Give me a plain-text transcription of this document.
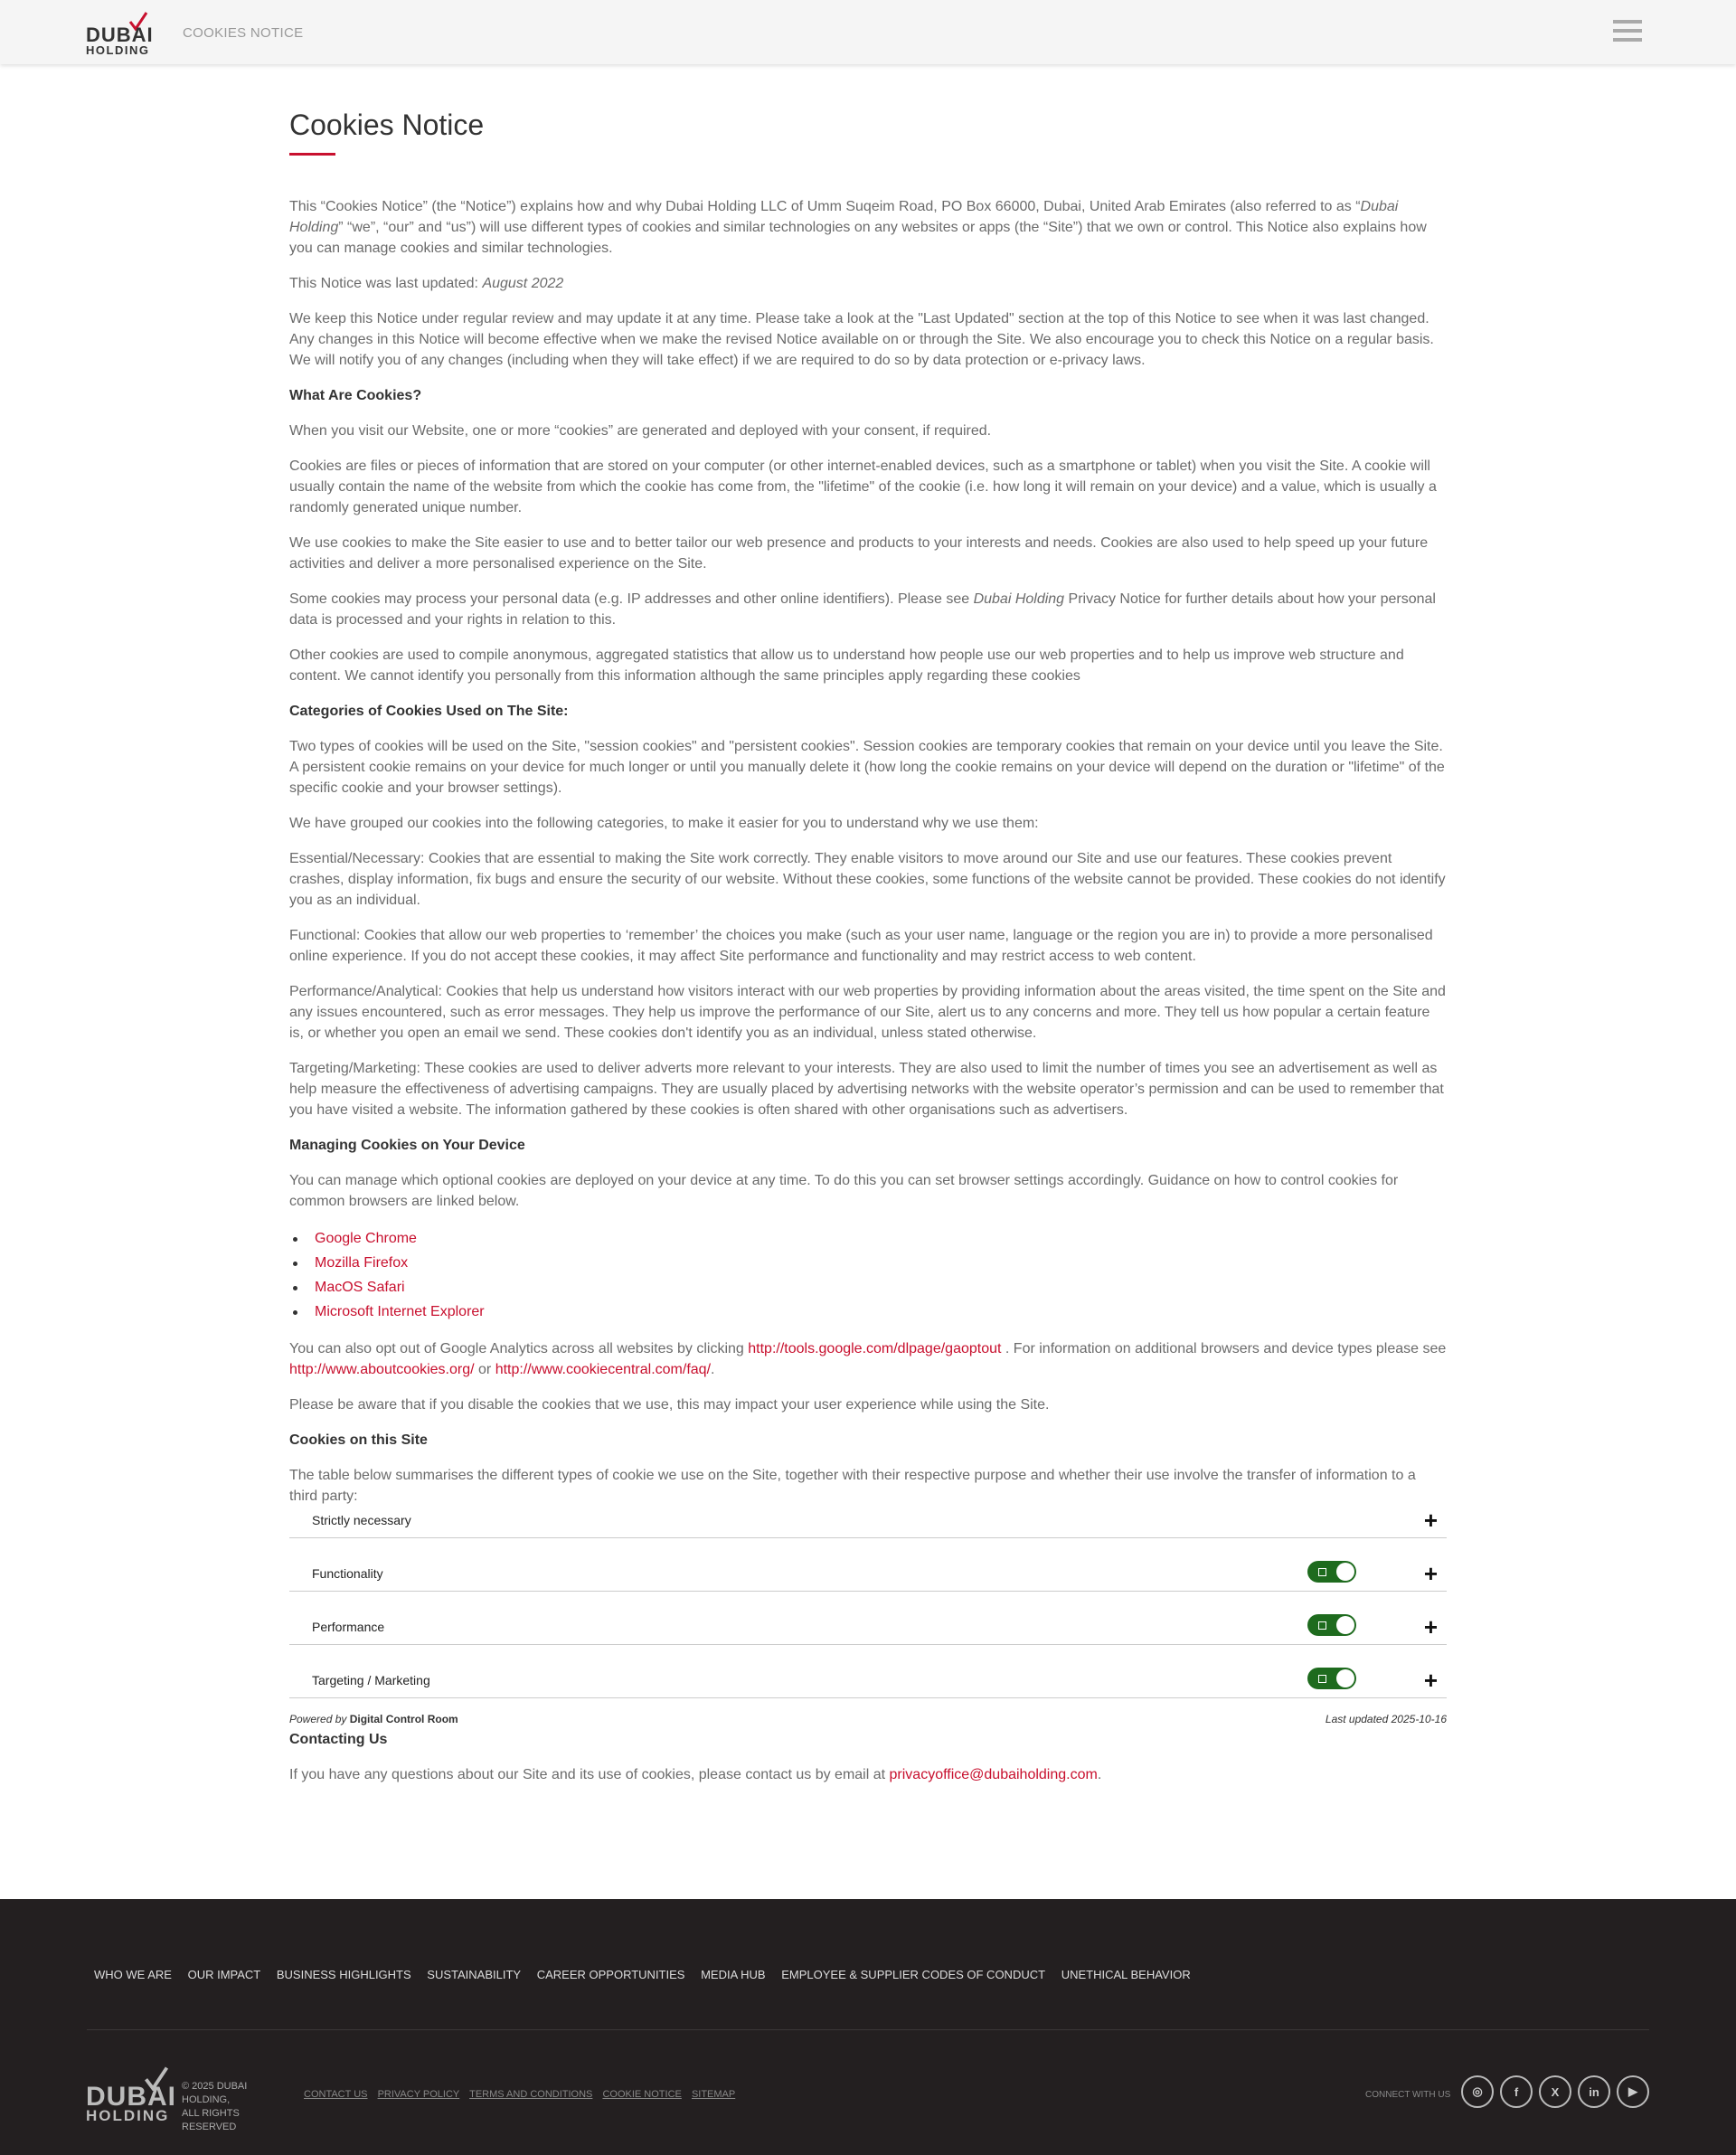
DUBAI
HOLDING
COOKIES NOTICE
Cookies Notice

This “Cookies Notice” (the “Notice”) explains how and why Dubai Holding LLC of Umm Suqeim Road, PO Box 66000, Dubai, United Arab Emirates (also referred to as “Dubai Holding” “we”, “our” and “us”) will use different types of cookies and similar technologies on any websites or apps (the “Site”) that we own or control. This Notice also explains how you can manage cookies and similar technologies.

This Notice was last updated: August 2022

We keep this Notice under regular review and may update it at any time. Please take a look at the "Last Updated" section at the top of this Notice to see when it was last changed. Any changes in this Notice will become effective when we make the revised Notice available on or through the Site. We also encourage you to check this Notice on a regular basis. We will notify you of any changes (including when they will take effect) if we are required to do so by data protection or e-privacy laws.

What Are Cookies?

When you visit our Website, one or more “cookies” are generated and deployed with your consent, if required.

Cookies are files or pieces of information that are stored on your computer (or other internet-enabled devices, such as a smartphone or tablet) when you visit the Site. A cookie will usually contain the name of the website from which the cookie has come from, the "lifetime" of the cookie (i.e. how long it will remain on your device) and a value, which is usually a randomly generated unique number.

We use cookies to make the Site easier to use and to better tailor our web presence and products to your interests and needs. Cookies are also used to help speed up your future activities and deliver a more personalised experience on the Site.

Some cookies may process your personal data (e.g. IP addresses and other online identifiers). Please see Dubai Holding Privacy Notice for further details about how your personal data is processed and your rights in relation to this.

Other cookies are used to compile anonymous, aggregated statistics that allow us to understand how people use our web properties and to help us improve web structure and content. We cannot identify you personally from this information although the same principles apply regarding these cookies

Categories of Cookies Used on The Site:

Two types of cookies will be used on the Site, "session cookies" and "persistent cookies". Session cookies are temporary cookies that remain on your device until you leave the Site. A persistent cookie remains on your device for much longer or until you manually delete it (how long the cookie remains on your device will depend on the duration or "lifetime" of the specific cookie and your browser settings).

We have grouped our cookies into the following categories, to make it easier for you to understand why we use them:

Essential/Necessary: Cookies that are essential to making the Site work correctly. They enable visitors to move around our Site and use our features. These cookies prevent crashes, display information, fix bugs and ensure the security of our website. Without these cookies, some functions of the website cannot be provided. These cookies do not identify you as an individual.

Functional: Cookies that allow our web properties to ‘remember’ the choices you make (such as your user name, language or the region you are in) to provide a more personalised online experience. If you do not accept these cookies, it may affect Site performance and functionality and may restrict access to web content.

Performance/Analytical: Cookies that help us understand how visitors interact with our web properties by providing information about the areas visited, the time spent on the Site and any issues encountered, such as error messages. They help us improve the performance of our Site, alert us to any concerns and more. They tell us how popular a certain feature is, or whether you open an email we send. These cookies don't identify you as an individual, unless stated otherwise.

Targeting/Marketing: These cookies are used to deliver adverts more relevant to your interests. They are also used to limit the number of times you see an advertisement as well as help measure the effectiveness of advertising campaigns. They are usually placed by advertising networks with the website operator’s permission and can be used to remember that you have visited a website. The information gathered by these cookies is often shared with other organisations such as advertisers.

Managing Cookies on Your Device

You can manage which optional cookies are deployed on your device at any time. To do this you can set browser settings accordingly. Guidance on how to control cookies for common browsers are linked below.

Google Chrome
Mozilla Firefox
MacOS Safari
Microsoft Internet Explorer

You can also opt out of Google Analytics across all websites by clicking http://tools.google.com/dlpage/gaoptout . For information on additional browsers and device types please see http://www.aboutcookies.org/ or http://www.cookiecentral.com/faq/.

Please be aware that if you disable the cookies that we use, this may impact your user experience while using the Site.

Cookies on this Site

The table below summarises the different types of cookie we use on the Site, together with their respective purpose and whether their use involve the transfer of information to a third party:

Strictly necessary	+
Functionality	+
Performance	+
Targeting / Marketing	+
Powered by Digital Control Room	Last updated 2025-10-16
Contacting Us

If you have any questions about our Site and its use of cookies, please contact us by email at privacyoffice@dubaiholding.com.

WHO WE ARE OUR IMPACT BUSINESS HIGHLIGHTS SUSTAINABILITY CAREER OPPORTUNITIES MEDIA HUB EMPLOYEE & SUPPLIER CODES OF CONDUCT UNETHICAL BEHAVIOR
DUBAI
HOLDING
© 2025 DUBAI HOLDING,
ALL RIGHTS RESERVED
CONTACT US PRIVACY POLICY TERMS AND CONDITIONS COOKIE NOTICE SITEMAP	CONNECT WITH US	◎	f	X	in	▶
